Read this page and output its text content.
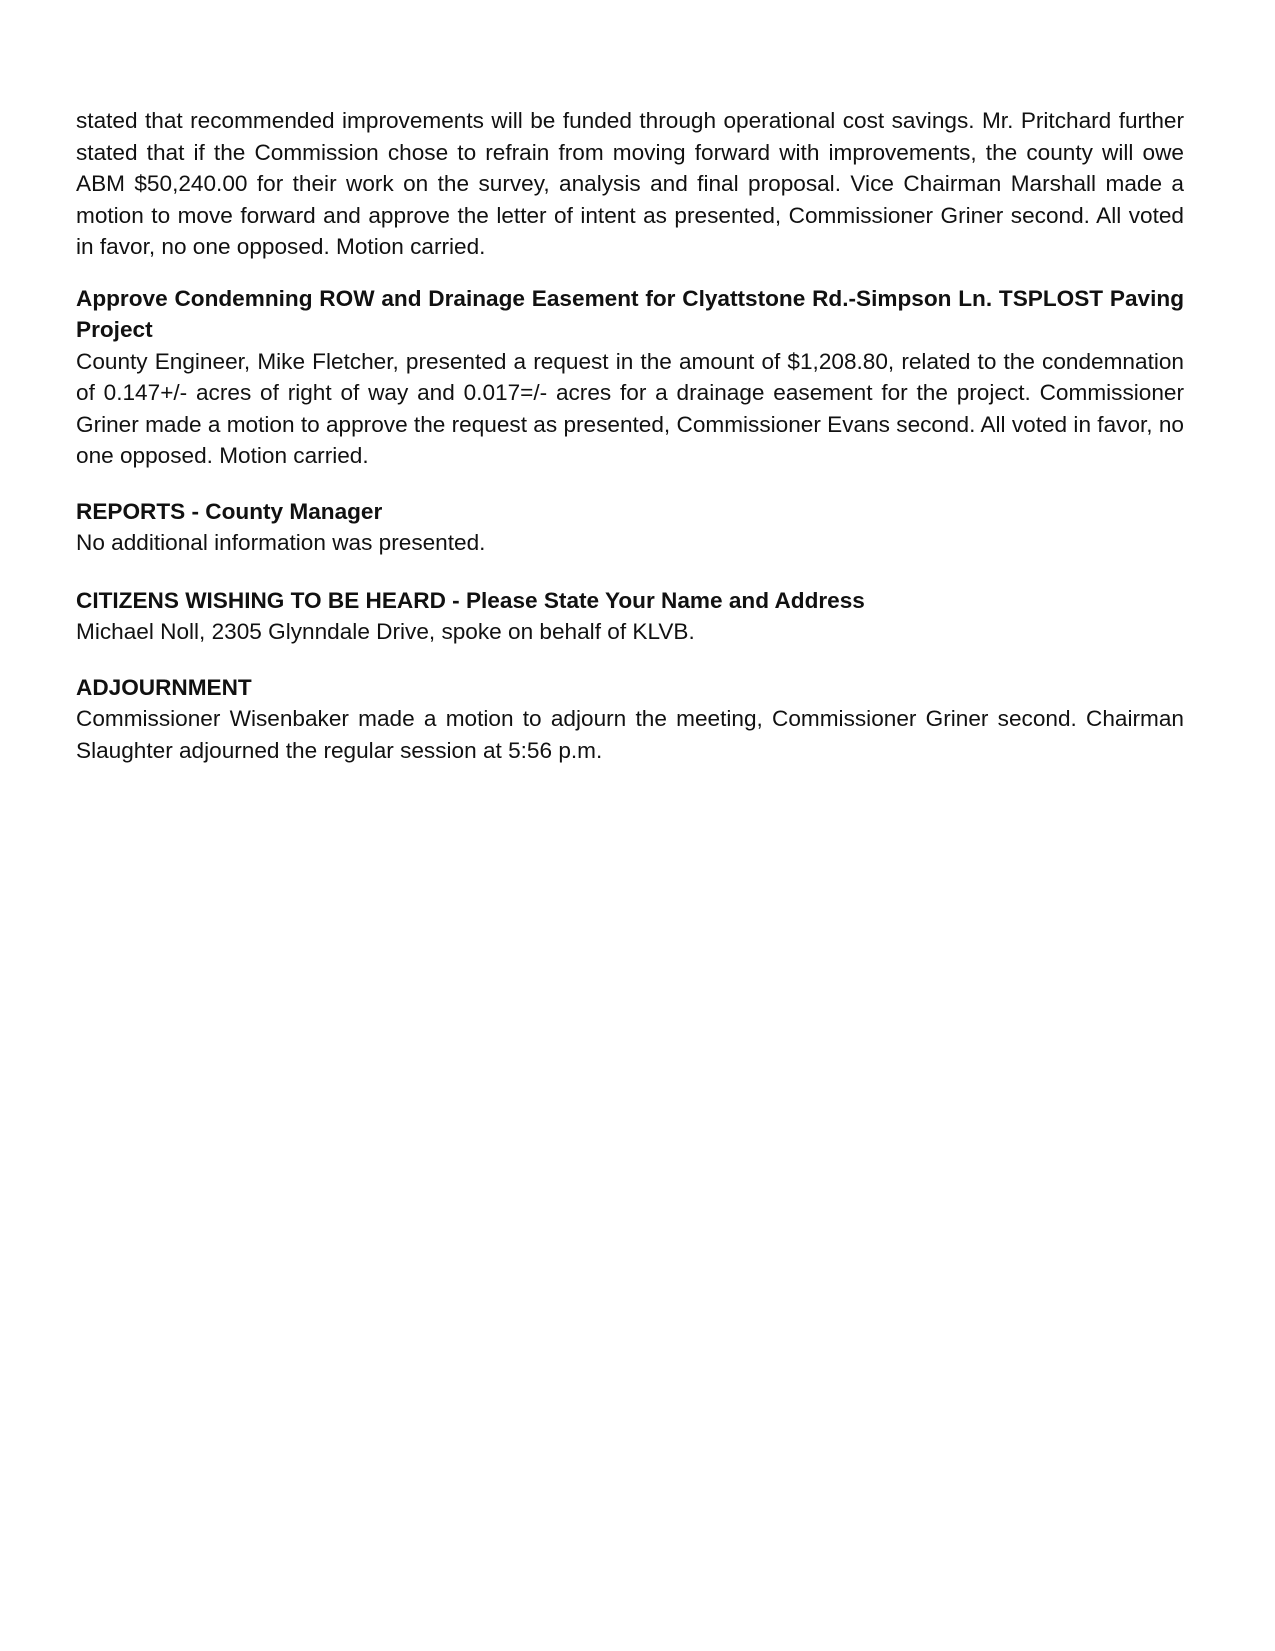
stated that recommended improvements will be funded through operational cost savings. Mr. Pritchard further stated that if the Commission chose to refrain from moving forward with improvements, the county will owe ABM $50,240.00 for their work on the survey, analysis and final proposal. Vice Chairman Marshall made a motion to move forward and approve the letter of intent as presented, Commissioner Griner second. All voted in favor, no one opposed. Motion carried.

Approve Condemning ROW and Drainage Easement for Clyattstone Rd.-Simpson Ln. TSPLOST Paving Project

County Engineer, Mike Fletcher, presented a request in the amount of $1,208.80, related to the condemnation of 0.147+/- acres of right of way and 0.017=/- acres for a drainage easement for the project. Commissioner Griner made a motion to approve the request as presented, Commissioner Evans second. All voted in favor, no one opposed. Motion carried.

REPORTS - County Manager

No additional information was presented.

CITIZENS WISHING TO BE HEARD - Please State Your Name and Address

Michael Noll, 2305 Glynndale Drive, spoke on behalf of KLVB.

ADJOURNMENT

Commissioner Wisenbaker made a motion to adjourn the meeting, Commissioner Griner second. Chairman Slaughter adjourned the regular session at 5:56 p.m.
